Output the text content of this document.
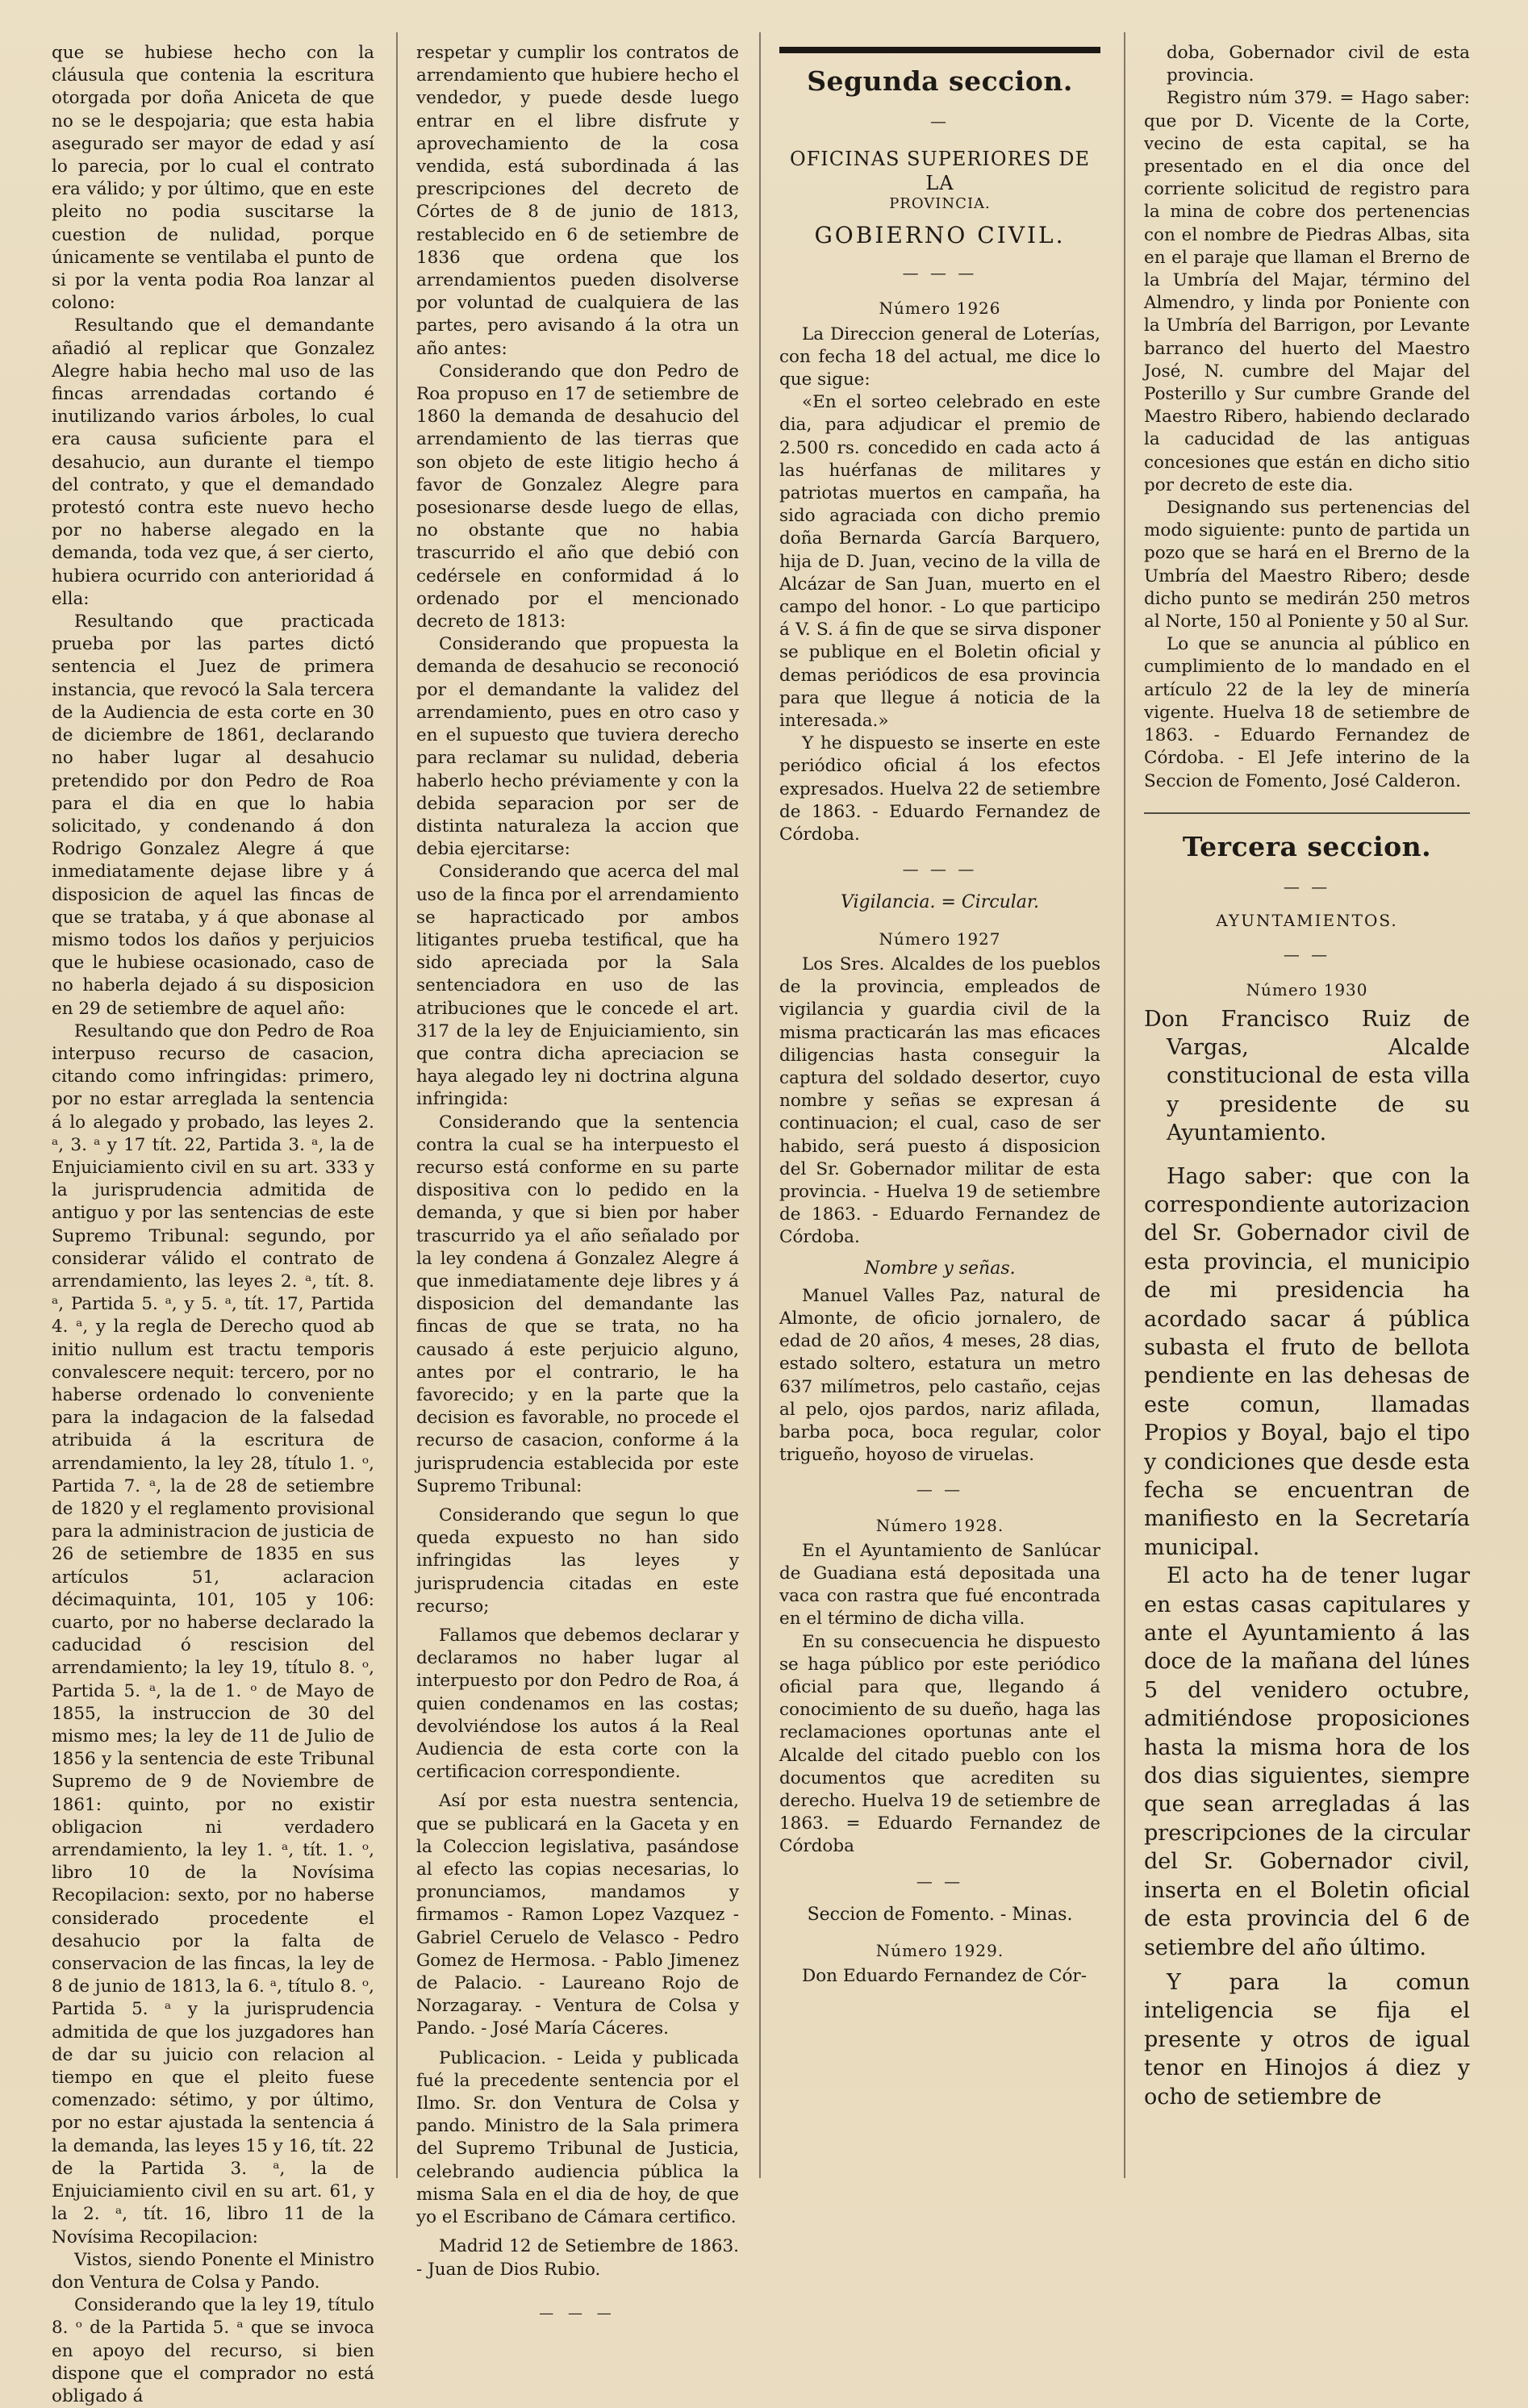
que se hubiese hecho con la cláusula que contenia la escritura otorgada por doña Aniceta de que no se le despojaria; que esta habia asegurado ser mayor de edad y así lo parecia, por lo cual el contrato era válido; y por último, que en este pleito no podia suscitarse la cuestion de nulidad, porque únicamente se ventilaba el punto de si por la venta podia Roa lanzar al colono:

Resultando que el demandante añadió al replicar que Gonzalez Alegre habia hecho mal uso de las fincas arrendadas cortando é inutilizando varios árboles, lo cual era causa suficiente para el desahucio, aun durante el tiempo del contrato, y que el demandado protestó contra este nuevo hecho por no haberse alegado en la demanda, toda vez que, á ser cierto, hubiera ocurrido con anterioridad á ella:

Resultando que practicada prueba por las partes dictó sentencia el Juez de primera instancia, que revocó la Sala tercera de la Audiencia de esta corte en 30 de diciembre de 1861, declarando no haber lugar al desahucio pretendido por don Pedro de Roa para el dia en que lo habia solicitado, y condenando á don Rodrigo Gonzalez Alegre á que inmediatamente dejase libre y á disposicion de aquel las fincas de que se trataba, y á que abonase al mismo todos los daños y perjuicios que le hubiese ocasionado, caso de no haberla dejado á su disposicion en 29 de setiembre de aquel año:

Resultando que don Pedro de Roa interpuso recurso de casacion, citando como infringidas: primero, por no estar arreglada la sentencia á lo alegado y probado, las leyes 2. ᵃ, 3. ᵃ y 17 tít. 22, Partida 3. ᵃ, la de Enjuiciamiento civil en su art. 333 y la jurisprudencia admitida de antiguo y por las sentencias de este Supremo Tribunal: segundo, por considerar válido el contrato de arrendamiento, las leyes 2. ᵃ, tít. 8. ᵃ, Partida 5. ᵃ, y 5. ᵃ, tít. 17, Partida 4. ᵃ, y la regla de Derecho quod ab initio nullum est tractu temporis convalescere nequit: tercero, por no haberse ordenado lo conveniente para la indagacion de la falsedad atribuida á la escritura de arrendamiento, la ley 28, título 1. ᵒ, Partida 7. ᵃ, la de 28 de setiembre de 1820 y el reglamento provisional para la administracion de justicia de 26 de setiembre de 1835 en sus artículos 51, aclaracion décimaquinta, 101, 105 y 106: cuarto, por no haberse declarado la caducidad ó rescision del arrendamiento; la ley 19, título 8. ᵒ, Partida 5. ᵃ, la de 1. ᵒ de Mayo de 1855, la instruccion de 30 del mismo mes; la ley de 11 de Julio de 1856 y la sentencia de este Tribunal Supremo de 9 de Noviembre de 1861: quinto, por no existir obligacion ni verdadero arrendamiento, la ley 1. ᵃ, tít. 1. ᵒ, libro 10 de la Novísima Recopilacion: sexto, por no haberse considerado procedente el desahucio por la falta de conservacion de las fincas, la ley de 8 de junio de 1813, la 6. ᵃ, título 8. ᵒ, Partida 5. ᵃ y la jurisprudencia admitida de que los juzgadores han de dar su juicio con relacion al tiempo en que el pleito fuese comenzado: sétimo, y por último, por no estar ajustada la sentencia á la demanda, las leyes 15 y 16, tít. 22 de la Partida 3. ᵃ, la de Enjuiciamiento civil en su art. 61, y la 2. ᵃ, tít. 16, libro 11 de la Novísima Recopilacion:

Vistos, siendo Ponente el Ministro don Ventura de Colsa y Pando.

Considerando que la ley 19, título 8. ᵒ de la Partida 5. ᵃ que se invoca en apoyo del recurso, si bien dispone que el comprador no está obligado á

respetar y cumplir los contratos de arrendamiento que hubiere hecho el vendedor, y puede desde luego entrar en el libre disfrute y aprovechamiento de la cosa vendida, está subordinada á las prescripciones del decreto de Córtes de 8 de junio de 1813, restablecido en 6 de setiembre de 1836 que ordena que los arrendamientos pueden disolverse por voluntad de cualquiera de las partes, pero avisando á la otra un año antes:

Considerando que don Pedro de Roa propuso en 17 de setiembre de 1860 la demanda de desahucio del arrendamiento de las tierras que son objeto de este litigio hecho á favor de Gonzalez Alegre para posesionarse desde luego de ellas, no obstante que no habia trascurrido el año que debió con cedérsele en conformidad á lo ordenado por el mencionado decreto de 1813:

Considerando que propuesta la demanda de desahucio se reconoció por el demandante la validez del arrendamiento, pues en otro caso y en el supuesto que tuviera derecho para reclamar su nulidad, deberia haberlo hecho préviamente y con la debida separacion por ser de distinta naturaleza la accion que debia ejercitarse:

Considerando que acerca del mal uso de la finca por el arrendamiento se hapracticado por ambos litigantes prueba testifical, que ha sido apreciada por la Sala sentenciadora en uso de las atribuciones que le concede el art. 317 de la ley de Enjuiciamiento, sin que contra dicha apreciacion se haya alegado ley ni doctrina alguna infringida:

Considerando que la sentencia contra la cual se ha interpuesto el recurso está conforme en su parte dispositiva con lo pedido en la demanda, y que si bien por haber trascurrido ya el año señalado por la ley condena á Gonzalez Alegre á que inmediatamente deje libres y á disposicion del demandante las fincas de que se trata, no ha causado á este perjuicio alguno, antes por el contrario, le ha favorecido; y en la parte que la decision es favorable, no procede el recurso de casacion, conforme á la jurisprudencia establecida por este Supremo Tribunal:

Considerando que segun lo que queda expuesto no han sido infringidas las leyes y jurisprudencia citadas en este recurso;

Fallamos que debemos declarar y declaramos no haber lugar al interpuesto por don Pedro de Roa, á quien condenamos en las costas; devolviéndose los autos á la Real Audiencia de esta corte con la certificacion correspondiente.

Así por esta nuestra sentencia, que se publicará en la Gaceta y en la Coleccion legislativa, pasándose al efecto las copias necesarias, lo pronunciamos, mandamos y firmamos - Ramon Lopez Vazquez - Gabriel Ceruelo de Velasco - Pedro Gomez de Hermosa. - Pablo Jimenez de Palacio. - Laureano Rojo de Norzagaray. - Ventura de Colsa y Pando. - José María Cáceres.

Publicacion. - Leida y publicada fué la precedente sentencia por el Ilmo. Sr. don Ventura de Colsa y pando. Ministro de la Sala primera del Supremo Tribunal de Justicia, celebrando audiencia pública la misma Sala en el dia de hoy, de que yo el Escribano de Cámara certifico.

Madrid 12 de Setiembre de 1863. - Juan de Dios Rubio.

— — —
Segunda seccion.
—
OFICINAS SUPERIORES DE LA
PROVINCIA.
GOBIERNO CIVIL.
— — —
Número 1926

La Direccion general de Loterías, con fecha 18 del actual, me dice lo que sigue:

«En el sorteo celebrado en este dia, para adjudicar el premio de 2.500 rs. concedido en cada acto á las huérfanas de militares y patriotas muertos en campaña, ha sido agraciada con dicho premio doña Bernarda García Barquero, hija de D. Juan, vecino de la villa de Alcázar de San Juan, muerto en el campo del honor. - Lo que participo á V. S. á fin de que se sirva disponer se publique en el Boletin oficial y demas periódicos de esa provincia para que llegue á noticia de la interesada.»

Y he dispuesto se inserte en este periódico oficial á los efectos expresados. Huelva 22 de setiembre de 1863. - Eduardo Fernandez de Córdoba.

— — —
Vigilancia. = Circular.
Número 1927

Los Sres. Alcaldes de los pueblos de la provincia, empleados de vigilancia y guardia civil de la misma practicarán las mas eficaces diligencias hasta conseguir la captura del soldado desertor, cuyo nombre y señas se expresan á continuacion; el cual, caso de ser habido, será puesto á disposicion del Sr. Gobernador militar de esta provincia. - Huelva 19 de setiembre de 1863. - Eduardo Fernandez de Córdoba.

Nombre y señas.

Manuel Valles Paz, natural de Almonte, de oficio jornalero, de edad de 20 años, 4 meses, 28 dias, estado soltero, estatura un metro 637 milímetros, pelo castaño, cejas al pelo, ojos pardos, nariz afilada, barba poca, boca regular, color trigueño, hoyoso de viruelas.

— —
Número 1928.

En el Ayuntamiento de Sanlúcar de Guadiana está depositada una vaca con rastra que fué encontrada en el término de dicha villa.

En su consecuencia he dispuesto se haga público por este periódico oficial para que, llegando á conocimiento de su dueño, haga las reclamaciones oportunas ante el Alcalde del citado pueblo con los documentos que acrediten su derecho. Huelva 19 de setiembre de 1863. = Eduardo Fernandez de Córdoba

— —
Seccion de Fomento. - Minas.
Número 1929.

Don Eduardo Fernandez de Cór-

doba, Gobernador civil de esta provincia.

Registro núm 379. = Hago saber: que por D. Vicente de la Corte, vecino de esta capital, se ha presentado en el dia once del corriente solicitud de registro para la mina de cobre dos pertenencias con el nombre de Piedras Albas, sita en el paraje que llaman el Brerno de la Umbría del Majar, término del Almendro, y linda por Poniente con la Umbría del Barrigon, por Levante barranco del huerto del Maestro José, N. cumbre del Majar del Posterillo y Sur cumbre Grande del Maestro Ribero, habiendo declarado la caducidad de las antiguas concesiones que están en dicho sitio por decreto de este dia.

Designando sus pertenencias del modo siguiente: punto de partida un pozo que se hará en el Brerno de la Umbría del Maestro Ribero; desde dicho punto se medirán 250 metros al Norte, 150 al Poniente y 50 al Sur.

Lo que se anuncia al público en cumplimiento de lo mandado en el artículo 22 de la ley de minería vigente. Huelva 18 de setiembre de 1863. - Eduardo Fernandez de Córdoba. - El Jefe interino de la Seccion de Fomento, José Calderon.

Tercera seccion.
— —
AYUNTAMIENTOS.
— —
Número 1930

Don Francisco Ruiz de Vargas, Alcalde constitucional de esta villa y presidente de su Ayuntamiento.

Hago saber: que con la correspondiente autorizacion del Sr. Gobernador civil de esta provincia, el municipio de mi presidencia ha acordado sacar á pública subasta el fruto de bellota pendiente en las dehesas de este comun, llamadas Propios y Boyal, bajo el tipo y condiciones que desde esta fecha se encuentran de manifiesto en la Secretaría municipal.

El acto ha de tener lugar en estas casas capitulares y ante el Ayuntamiento á las doce de la mañana del lúnes 5 del venidero octubre, admitiéndose proposiciones hasta la misma hora de los dos dias siguientes, siempre que sean arregladas á las prescripciones de la circular del Sr. Gobernador civil, inserta en el Boletin oficial de esta provincia del 6 de setiembre del año último.

Y para la comun inteligencia se fija el presente y otros de igual tenor en Hinojos á diez y ocho de setiembre de
